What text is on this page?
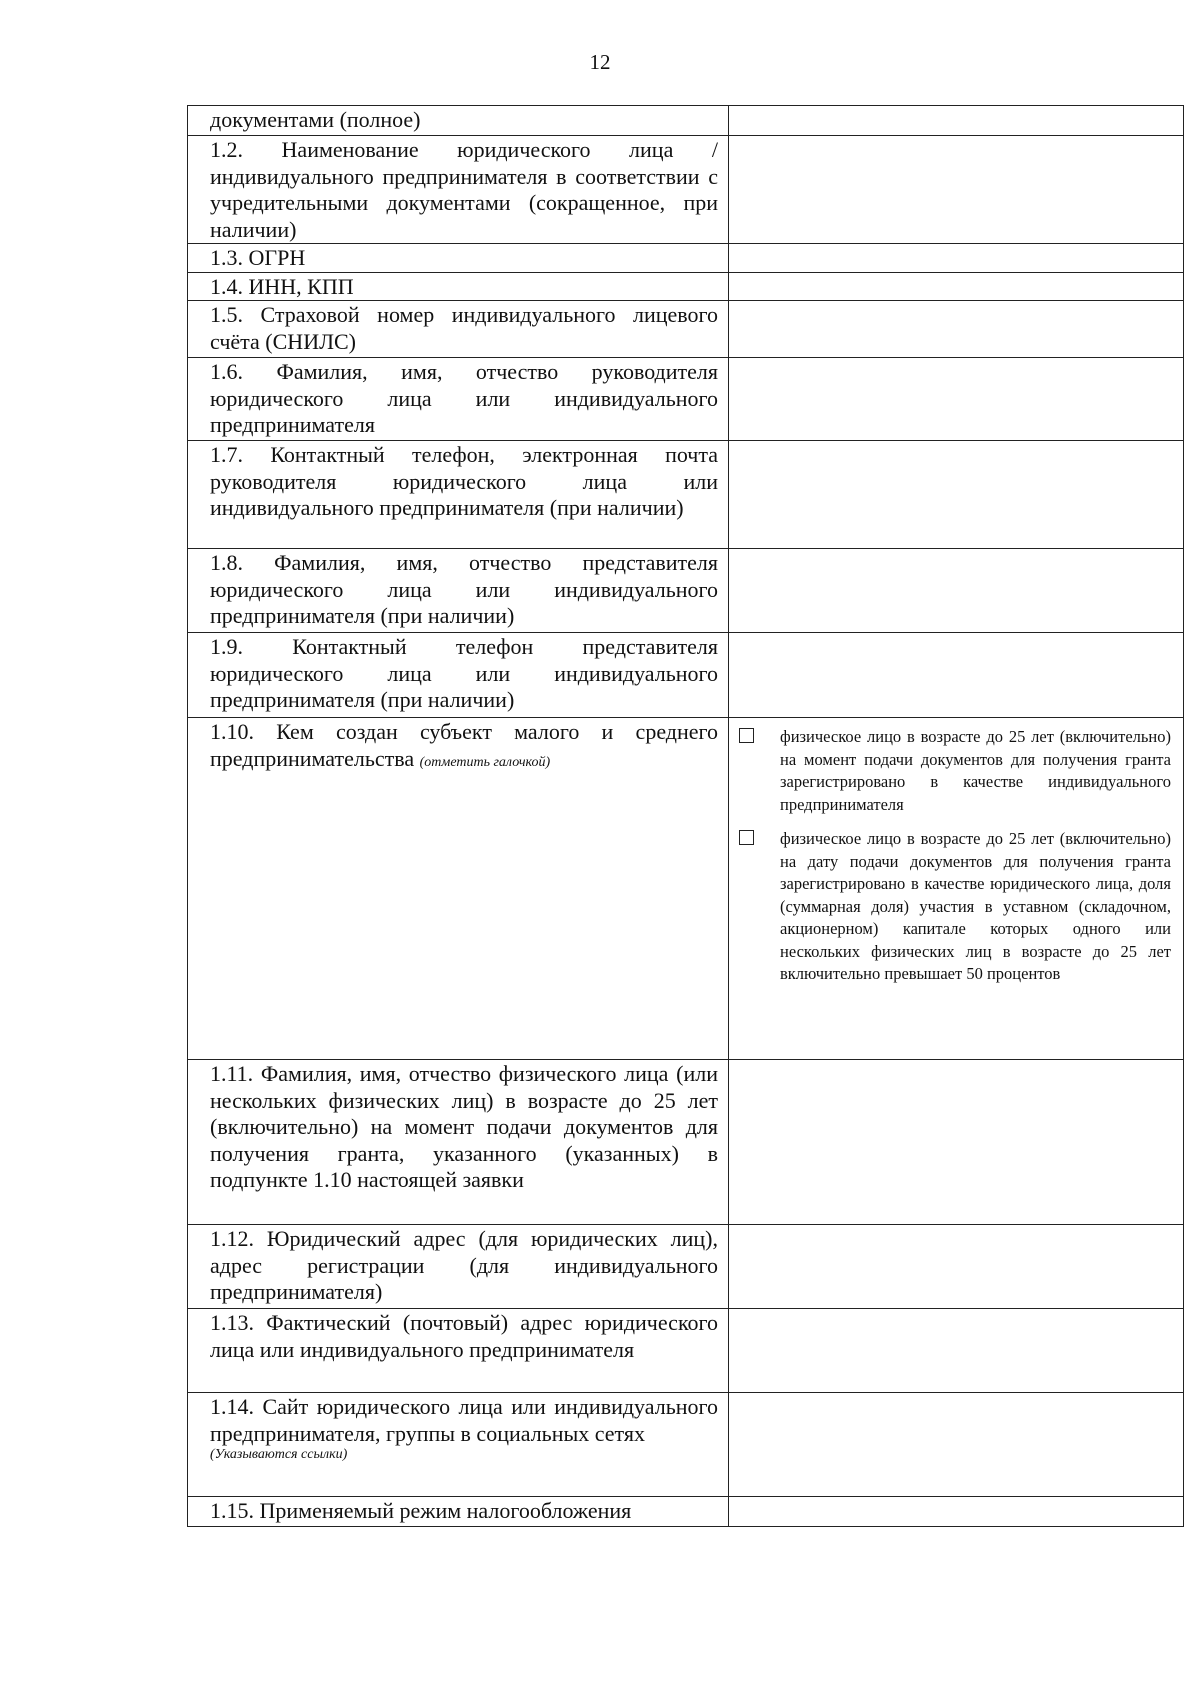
12
документами (полное)	

1.2. Наименование юридического лица /индивидуального предпринимателя в соответствии с учредительными документами (сокращенное, при наличии)	

1.3. ОГРН	

1.4. ИНН, КПП	

1.5. Страховой номер индивидуального лицевого счёта (СНИЛС)	

1.6. Фамилия, имя, отчество руководителя юридического лица или индивидуального предпринимателя	

1.7. Контактный телефон, электронная почта руководителя юридического лица или индивидуального предпринимателя (при наличии)	

1.8. Фамилия, имя, отчество представителя юридического лица или индивидуального предпринимателя (при наличии)	

1.9. Контактный телефон представителя юридического лица или индивидуального предпринимателя (при наличии)	

1.10. Кем создан субъект малого и среднего предпринимательства (отметить галочкой)	физическое лицо в возрасте до 25 лет (включительно) на момент подачи документов для получения гранта зарегистрировано в качестве индивидуального предпринимателя
физическое лицо в возрасте до 25 лет (включительно) на дату подачи документов для получения гранта зарегистрировано в качестве юридического лица, доля (суммарная доля) участия в уставном (складочном, акционерном) капитале которых одного или нескольких физических лиц в возрасте до 25 лет включительно превышает 50 процентов

1.11. Фамилия, имя, отчество физического лица (или нескольких физических лиц) в возрасте до 25 лет (включительно) на момент подачи документов для получения гранта, указанного (указанных) в подпункте 1.10 настоящей заявки	

1.12. Юридический адрес (для юридических лиц), адрес регистрации (для индивидуального предпринимателя)	

1.13. Фактический (почтовый) адрес юридического лица или индивидуального предпринимателя	

1.14. Сайт юридического лица или индивидуального предпринимателя, группы в социальных сетях
(Указываются ссылки)	

1.15. Применяемый режим налогообложения	
